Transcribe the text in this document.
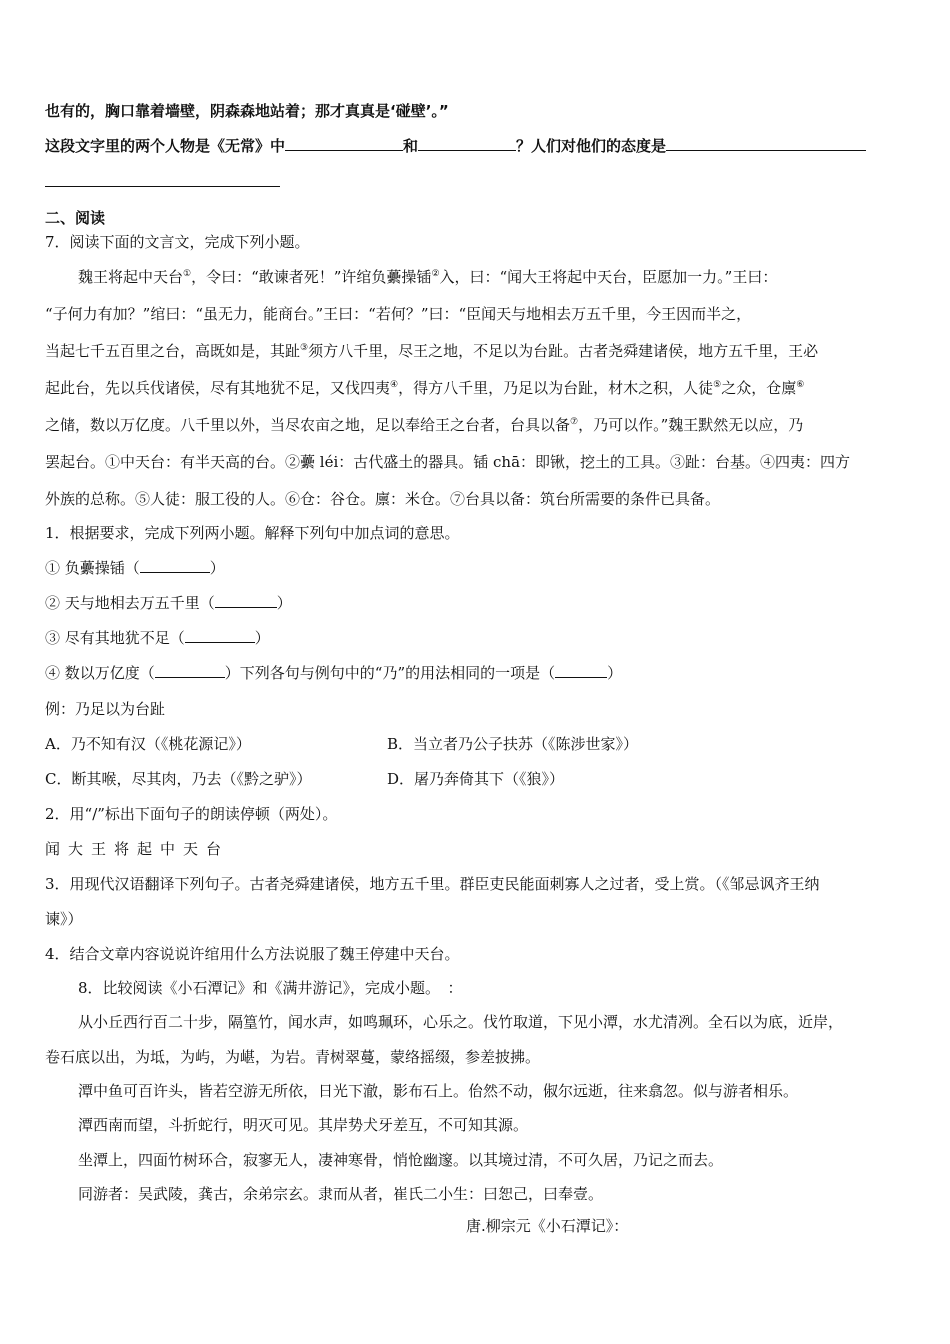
也有的，胸口靠着墙壁，阴森森地站着；那才真真是‘碰壁’。”
这段文字里的两个人物是《无常》中	和	？人们对他们的态度是
二、阅读
7．阅读下面的文言文，完成下列小题。
魏王将起中天台①，令曰：“敢谏者死！”许绾负虆操锸②入，曰：“闻大王将起中天台，臣愿加一力。”王曰：
“子何力有加？”绾曰：“虽无力，能商台。”王曰：“若何？”曰：“臣闻天与地相去万五千里，今王因而半之，
当起七千五百里之台，高既如是，其趾③须方八千里，尽王之地，不足以为台趾。古者尧舜建诸侯，地方五千里，王必
起此台，先以兵伐诸侯，尽有其地犹不足，又伐四夷④，得方八千里，乃足以为台趾，材木之积，人徒⑤之众，仓廪⑥
之储，数以万亿度。八千里以外，当尽农亩之地，足以奉给王之台者，台具以备⑦，乃可以作。”魏王默然无以应，乃
罢起台。①中天台：有半天高的台。②虆 léi：古代盛土的器具。锸 chā：即锹，挖土的工具。③趾：台基。④四夷：四方
外族的总称。⑤人徒：服工役的人。⑥仓：谷仓。廪：米仓。⑦台具以备：筑台所需要的条件已具备。
1．根据要求，完成下列两小题。解释下列句中加点词的意思。
① 负虆操锸（	）
② 天与地相去万五千里（	）
③ 尽有其地犹不足（	）
④ 数以万亿度（	）下列各句与例句中的“乃”的用法相同的一项是（	）
例：乃足以为台趾
A．乃不知有汉（《桃花源记》）	B．当立者乃公子扶苏（《陈涉世家》）
C．断其喉，尽其肉，乃去（《黔之驴》）	D．屠乃奔倚其下（《狼》）
2．用“/”标出下面句子的朗读停顿（两处）。
闻大王将起中天台
3．用现代汉语翻译下列句子。古者尧舜建诸侯，地方五千里。群臣吏民能面刺寡人之过者，受上赏。（《邹忌讽齐王纳
谏》）
4．结合文章内容说说许绾用什么方法说服了魏王停建中天台。
8．比较阅读《小石潭记》和《满井游记》，完成小题。　：
从小丘西行百二十步，隔篁竹，闻水声，如鸣珮环，心乐之。伐竹取道，下见小潭，水尤清冽。全石以为底，近岸，
卷石底以出，为坻，为屿，为嵁，为岩。青树翠蔓，蒙络摇缀，参差披拂。
潭中鱼可百许头，皆若空游无所依，日光下澈，影布石上。佁然不动，俶尔远逝，往来翕忽。似与游者相乐。
潭西南而望，斗折蛇行，明灭可见。其岸势犬牙差互，不可知其源。
坐潭上，四面竹树环合，寂寥无人，凄神寒骨，悄怆幽邃。以其境过清，不可久居，乃记之而去。
同游者：吴武陵，龚古，余弟宗玄。隶而从者，崔氏二小生：曰恕己，曰奉壹。
唐.柳宗元《小石潭记》：
